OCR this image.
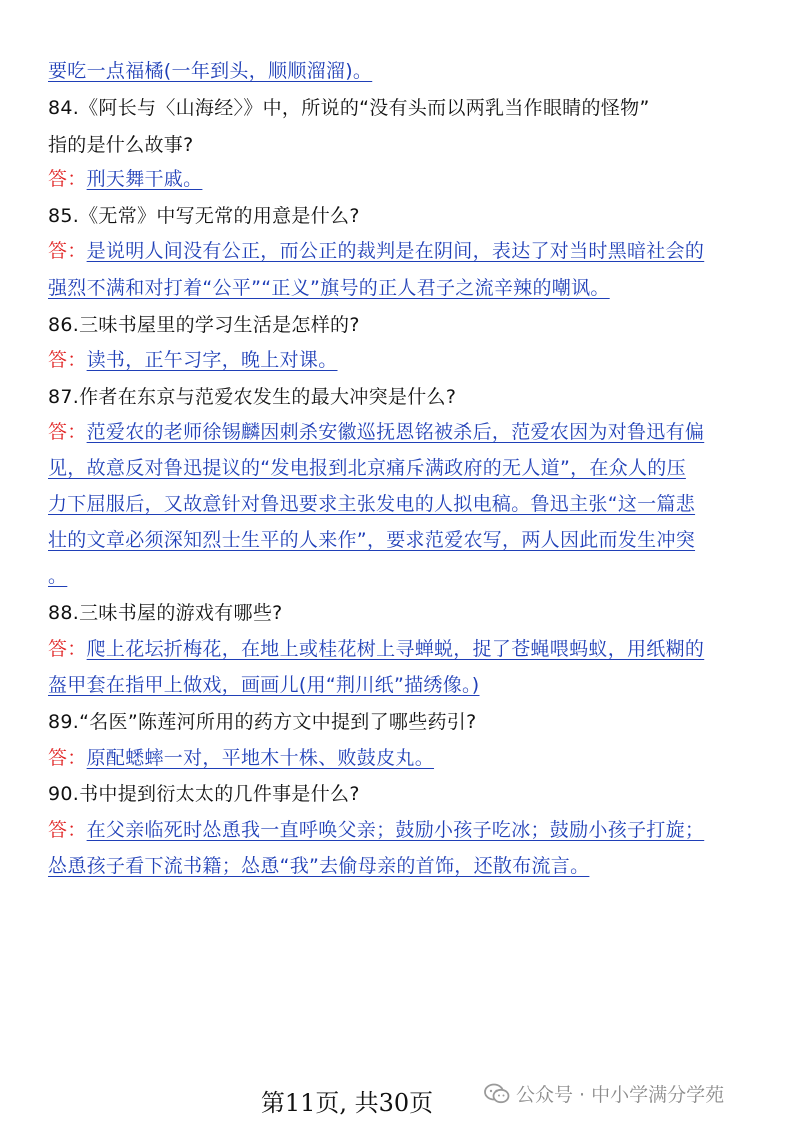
要吃一点福橘(一年到头，顺顺溜溜)。
84.《阿长与〈山海经〉》中，所说的“没有头而以两乳当作眼睛的怪物”
指的是什么故事?
答：刑天舞干戚。
85.《无常》中写无常的用意是什么?
答：是说明人间没有公正，而公正的裁判是在阴间，表达了对当时黑暗社会的
强烈不满和对打着“公平”“正义”旗号的正人君子之流辛辣的嘲讽。
86.三味书屋里的学习生活是怎样的?
答：读书，正午习字，晚上对课。
87.作者在东京与范爱农发生的最大冲突是什么?
答：范爱农的老师徐锡麟因刺杀安徽巡抚恩铭被杀后，范爱农因为对鲁迅有偏
见，故意反对鲁迅提议的“发电报到北京痛斥满政府的无人道”，在众人的压
力下屈服后，又故意针对鲁迅要求主张发电的人拟电稿。鲁迅主张“这一篇悲
壮的文章必须深知烈士生平的人来作”，要求范爱农写，两人因此而发生冲突
。
88.三味书屋的游戏有哪些?
答：爬上花坛折梅花，在地上或桂花树上寻蝉蜕，捉了苍蝇喂蚂蚁，用纸糊的
盔甲套在指甲上做戏，画画儿(用“荆川纸”描绣像。)
89.“名医”陈莲河所用的药方文中提到了哪些药引?
答：原配蟋蟀一对，平地木十株、败鼓皮丸。
90.书中提到衍太太的几件事是什么?
答：在父亲临死时怂恿我一直呼唤父亲；鼓励小孩子吃冰；鼓励小孩子打旋；
怂恿孩子看下流书籍；怂恿“我”去偷母亲的首饰，还散布流言。
第11页, 共30页	公众号 · 中小学满分学苑
